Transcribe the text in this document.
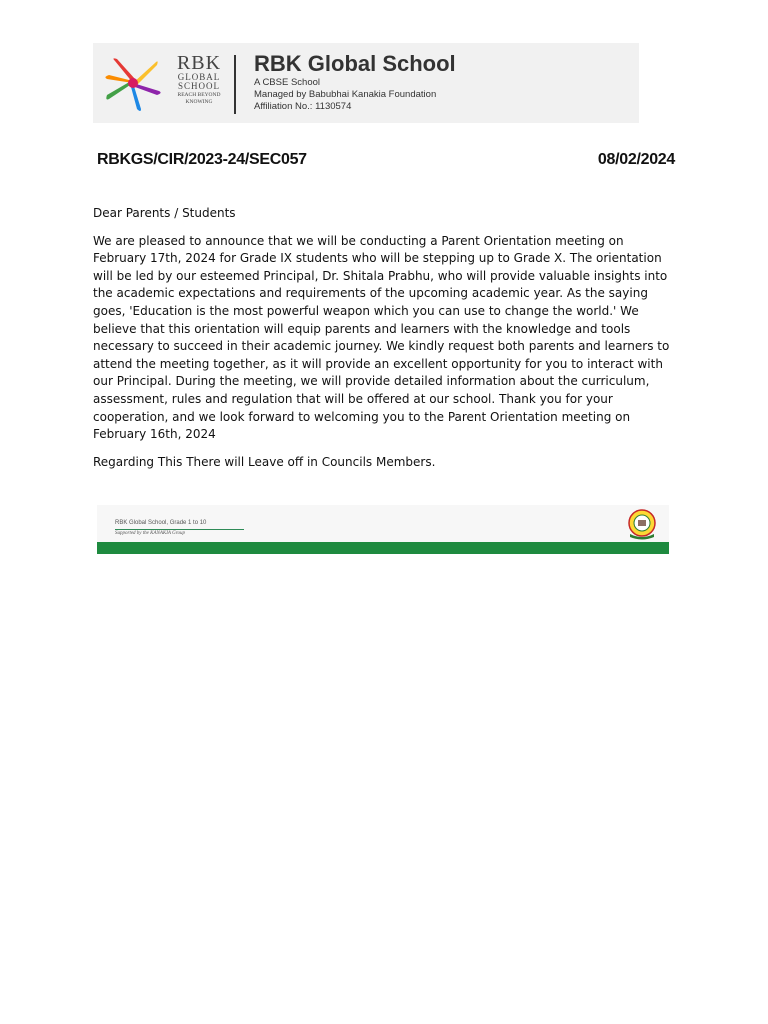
RBK
GLOBAL
SCHOOL
REACH BEYOND
KNOWING
RBK Global School
A CBSE School
Managed by Babubhai Kanakia Foundation
Affiliation No.: 1130574
RBKGS/CIR/2023-24/SEC057	08/02/2024

Dear Parents / Students

We are pleased to announce that we will be conducting a Parent Orientation meeting on February 17th, 2024 for Grade IX students who will be stepping up to Grade X. The orientation will be led by our esteemed Principal, Dr. Shitala Prabhu, who will provide valuable insights into the academic expectations and requirements of the upcoming academic year. As the saying goes, 'Education is the most powerful weapon which you can use to change the world.' We believe that this orientation will equip parents and learners with the knowledge and tools necessary to succeed in their academic journey. We kindly request both parents and learners to attend the meeting together, as it will provide an excellent opportunity for you to interact with our Principal. During the meeting, we will provide detailed information about the curriculum, assessment, rules and regulation that will be offered at our school. Thank you for your cooperation, and we look forward to welcoming you to the Parent Orientation meeting on February 16th, 2024

Regarding This There will Leave off in Councils Members.

RBK Global School, Grade 1 to 10
Supported by the KANAKIA Group
